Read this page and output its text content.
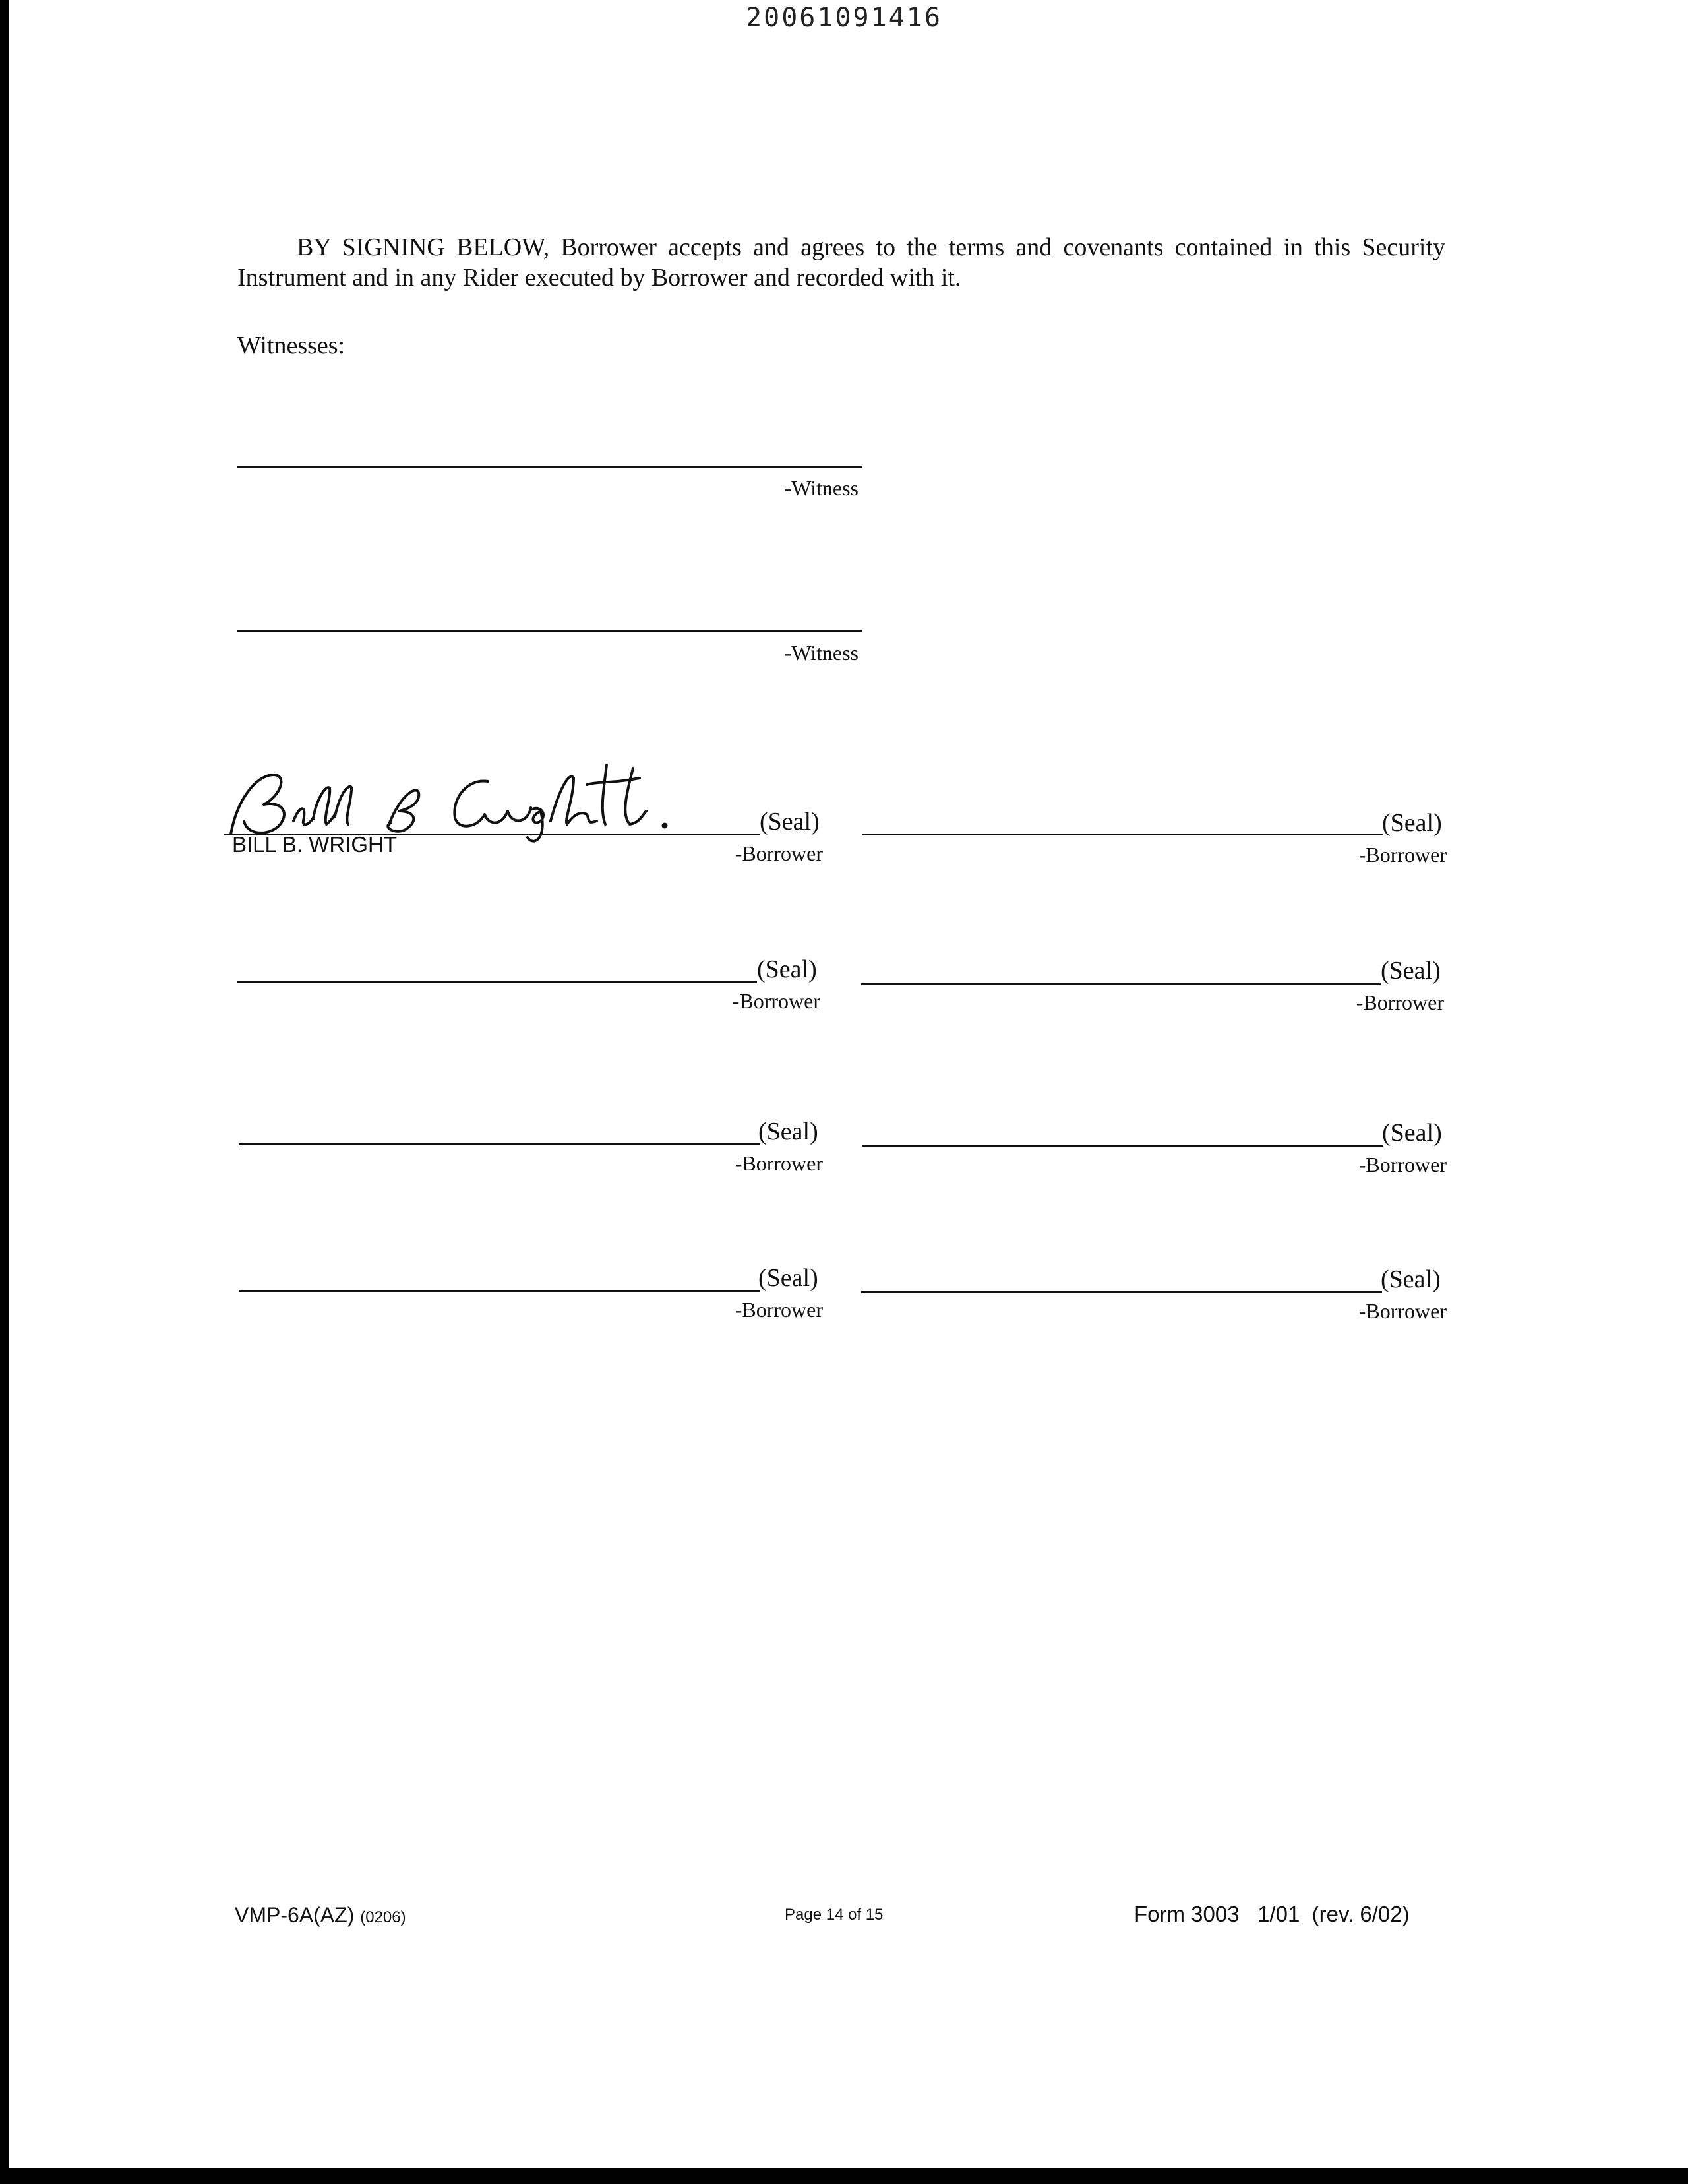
20061091416
BY SIGNING BELOW, Borrower accepts and agrees to the terms and covenants contained in this Security Instrument and in any Rider executed by Borrower and recorded with it.
Witnesses:
-Witness
-Witness
BILL B. WRIGHT
(Seal)
-Borrower
(Seal)
-Borrower
(Seal)
-Borrower
(Seal)
-Borrower
(Seal)
-Borrower
(Seal)
-Borrower
(Seal)
-Borrower
(Seal)
-Borrower
VMP-6A(AZ) (0206)	Page 14 of 15	Form 3003   1/01  (rev. 6/02)
